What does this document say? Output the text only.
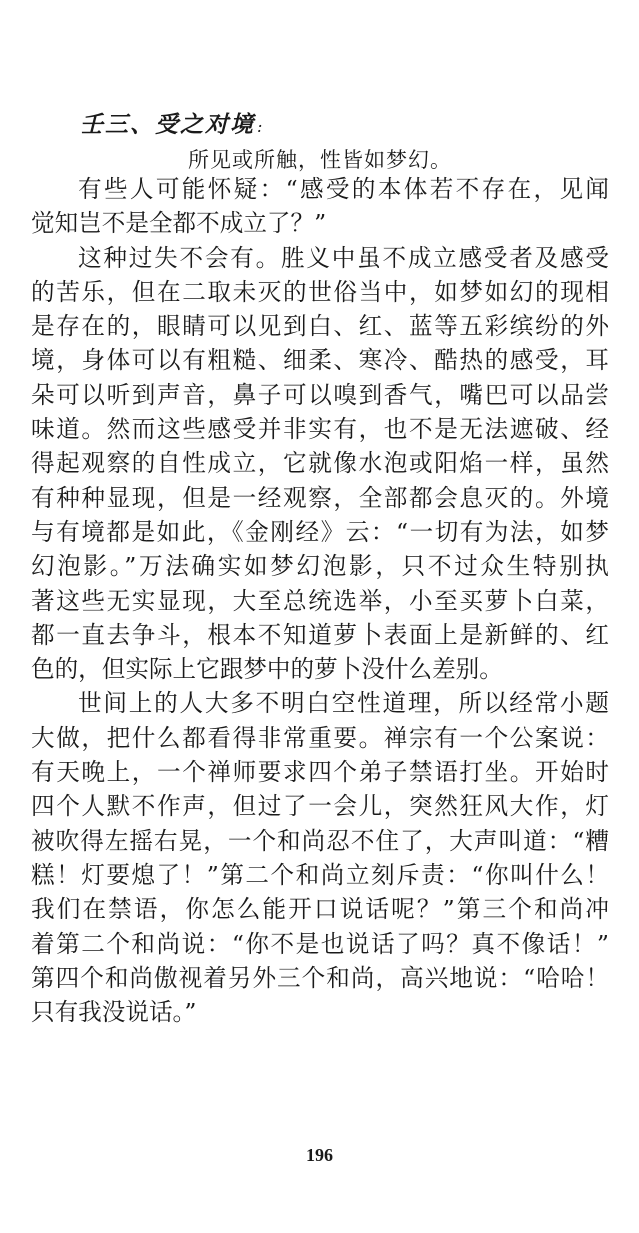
壬三、受之对境 :
所见或所触，性皆如梦幻。
有些人可能怀疑：“感受的本体若不存在，见闻
觉知岂不是全都不成立了？”
这种过失不会有。胜义中虽不成立感受者及感受
的苦乐，但在二取未灭的世俗当中，如梦如幻的现相
是存在的，眼睛可以见到白、红、蓝等五彩缤纷的外
境，身体可以有粗糙、细柔、寒冷、酷热的感受，耳
朵可以听到声音，鼻子可以嗅到香气，嘴巴可以品尝
味道。然而这些感受并非实有，也不是无法遮破、经
得起观察的自性成立，它就像水泡或阳焰一样，虽然
有种种显现，但是一经观察，全部都会息灭的。外境
与有境都是如此，《金刚经》云：“一切有为法，如梦
幻泡影。”万法确实如梦幻泡影，只不过众生特别执
著这些无实显现，大至总统选举，小至买萝卜白菜，
都一直去争斗，根本不知道萝卜表面上是新鲜的、红
色的，但实际上它跟梦中的萝卜没什么差别。
世间上的人大多不明白空性道理，所以经常小题
大做，把什么都看得非常重要。禅宗有一个公案说：
有天晚上，一个禅师要求四个弟子禁语打坐。开始时
四个人默不作声，但过了一会儿，突然狂风大作，灯
被吹得左摇右晃，一个和尚忍不住了，大声叫道：“糟
糕！灯要熄了！”第二个和尚立刻斥责：“你叫什么！
我们在禁语，你怎么能开口说话呢？”第三个和尚冲
着第二个和尚说：“你不是也说话了吗？真不像话！”
第四个和尚傲视着另外三个和尚，高兴地说：“哈哈！
只有我没说话。”
196
